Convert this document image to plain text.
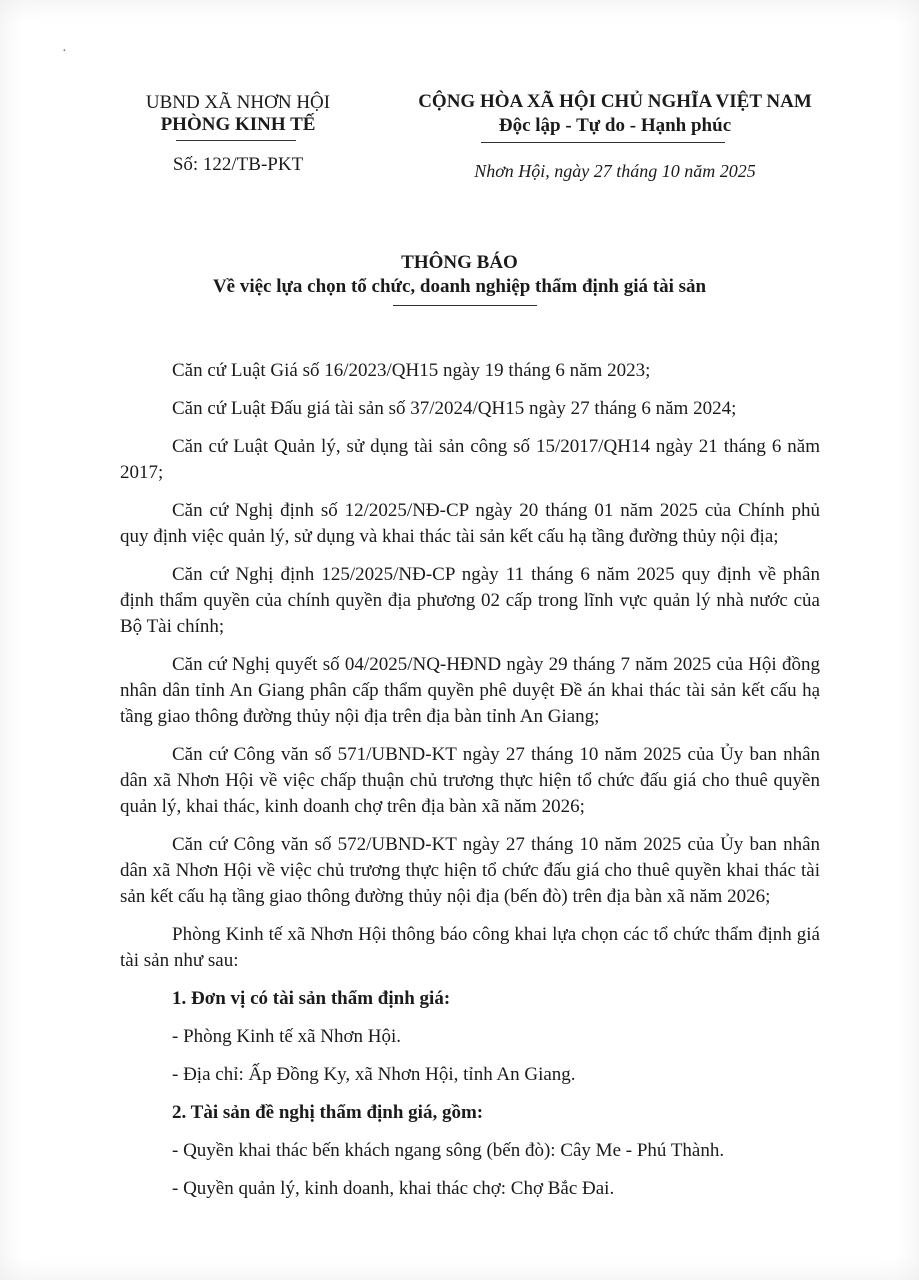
·
UBND XÃ NHƠN HỘI
PHÒNG KINH TẾ
Số: 122/TB-PKT
CỘNG HÒA XÃ HỘI CHỦ NGHĨA VIỆT NAM
Độc lập - Tự do - Hạnh phúc
Nhơn Hội, ngày 27 tháng 10 năm 2025
THÔNG BÁO
Về việc lựa chọn tổ chức, doanh nghiệp thẩm định giá tài sản

Căn cứ Luật Giá số 16/2023/QH15 ngày 19 tháng 6 năm 2023;

Căn cứ Luật Đấu giá tài sản số 37/2024/QH15 ngày 27 tháng 6 năm 2024;

Căn cứ Luật Quản lý, sử dụng tài sản công số 15/2017/QH14 ngày 21 tháng 6 năm 2017;

Căn cứ Nghị định số 12/2025/NĐ-CP ngày 20 tháng 01 năm 2025 của Chính phủ quy định việc quản lý, sử dụng và khai thác tài sản kết cấu hạ tầng đường thủy nội địa;

Căn cứ Nghị định 125/2025/NĐ-CP ngày 11 tháng 6 năm 2025 quy định về phân định thẩm quyền của chính quyền địa phương 02 cấp trong lĩnh vực quản lý nhà nước của Bộ Tài chính;

Căn cứ Nghị quyết số 04/2025/NQ-HĐND ngày 29 tháng 7 năm 2025 của Hội đồng nhân dân tỉnh An Giang phân cấp thẩm quyền phê duyệt Đề án khai thác tài sản kết cấu hạ tầng giao thông đường thủy nội địa trên địa bàn tỉnh An Giang;

Căn cứ Công văn số 571/UBND-KT ngày 27 tháng 10 năm 2025 của Ủy ban nhân dân xã Nhơn Hội về việc chấp thuận chủ trương thực hiện tổ chức đấu giá cho thuê quyền quản lý, khai thác, kinh doanh chợ trên địa bàn xã năm 2026;

Căn cứ Công văn số 572/UBND-KT ngày 27 tháng 10 năm 2025 của Ủy ban nhân dân xã Nhơn Hội về việc chủ trương thực hiện tổ chức đấu giá cho thuê quyền khai thác tài sản kết cấu hạ tầng giao thông đường thủy nội địa (bến đò) trên địa bàn xã năm 2026;

Phòng Kinh tế xã Nhơn Hội thông báo công khai lựa chọn các tổ chức thẩm định giá tài sản như sau:

1. Đơn vị có tài sản thẩm định giá:

- Phòng Kinh tế xã Nhơn Hội.

- Địa chỉ: Ấp Đồng Ky, xã Nhơn Hội, tỉnh An Giang.

2. Tài sản đề nghị thẩm định giá, gồm:

- Quyền khai thác bến khách ngang sông (bến đò): Cây Me - Phú Thành.

- Quyền quản lý, kinh doanh, khai thác chợ: Chợ Bắc Đai.
